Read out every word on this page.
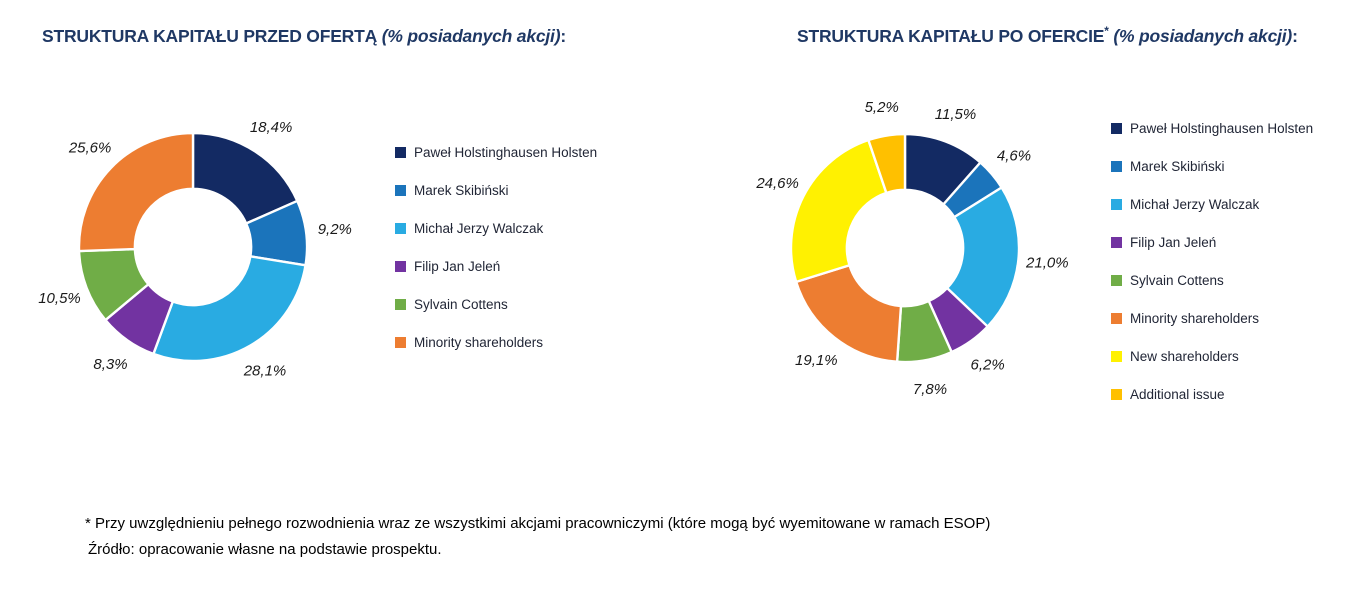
STRUKTURA KAPITAŁU PRZED OFERTĄ (% posiadanych akcji):	STRUKTURA KAPITAŁU PO OFERCIE* (% posiadanych akcji):
18,4%
9,2%
28,1%
8,3%
10,5%
25,6%
11,5%
4,6%
21,0%
6,2%
7,8%
19,1%
24,6%
5,2%
Paweł Holstinghausen Holsten
Marek Skibiński
Michał Jerzy Walczak
Filip Jan Jeleń
Sylvain Cottens
Minority shareholders
Paweł Holstinghausen Holsten
Marek Skibiński
Michał Jerzy Walczak
Filip Jan Jeleń
Sylvain Cottens
Minority shareholders
New shareholders
Additional issue
* Przy uwzględnieniu pełnego rozwodnienia wraz ze wszystkimi akcjami pracowniczymi (które mogą być wyemitowane w ramach ESOP)
Źródło: opracowanie własne na podstawie prospektu.
